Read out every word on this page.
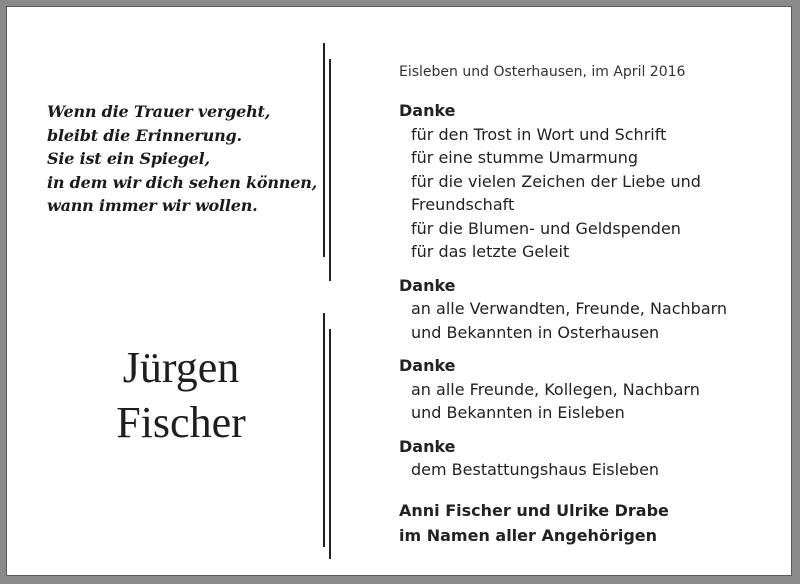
Wenn die Trauer vergeht,
bleibt die Erinnerung.
Sie ist ein Spiegel,
in dem wir dich sehen können,
wann immer wir wollen.
Jürgen
Fischer
Eisleben und Osterhausen, im April 2016
Danke
für den Trost in Wort und Schrift
für eine stumme Umarmung
für die vielen Zeichen der Liebe und
Freundschaft
für die Blumen- und Geldspenden
für das letzte Geleit
Danke
an alle Verwandten, Freunde, Nachbarn
und Bekannten in Osterhausen
Danke
an alle Freunde, Kollegen, Nachbarn
und Bekannten in Eisleben
Danke
dem Bestattungshaus Eisleben
Anni Fischer und Ulrike Drabe
im Namen aller Angehörigen
